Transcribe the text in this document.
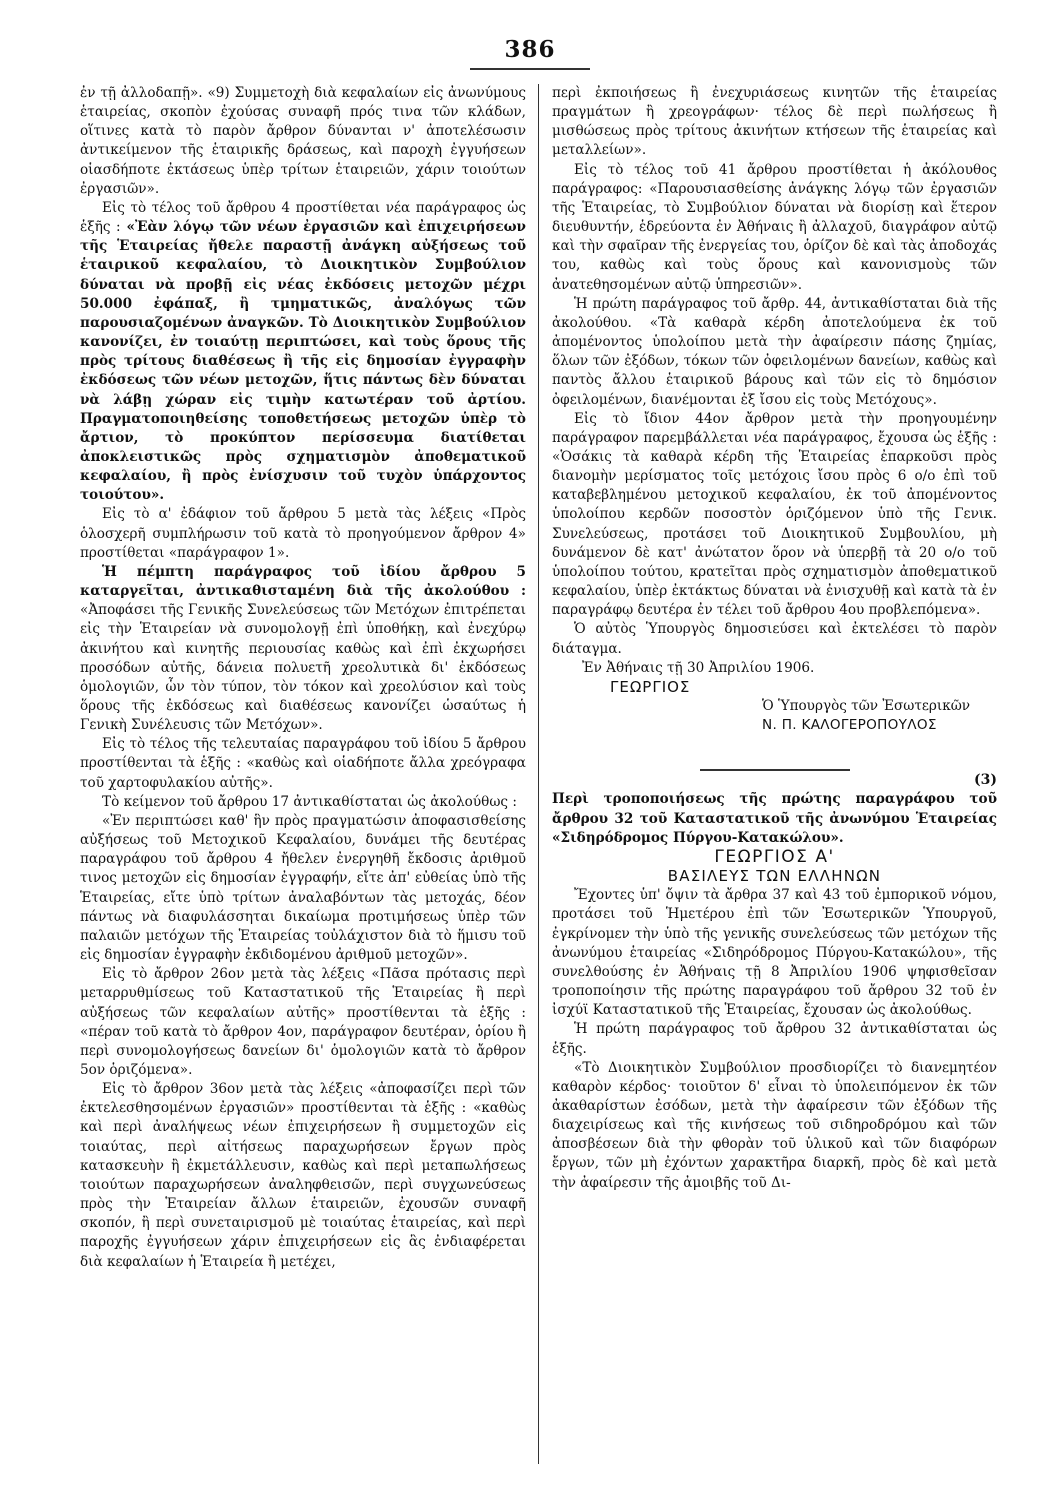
386

ἐν τῇ ἀλλοδαπῇ». «9) Συμμετοχὴ διὰ κεφαλαίων εἰς ἀνωνύμους ἑταιρείας, σκοπὸν ἐχούσας συναφῆ πρός τινα τῶν κλάδων, οἵτινες κατὰ τὸ παρὸν ἄρθρον δύνανται ν' ἀποτελέσωσιν ἀντικείμενον τῆς ἑταιρικῆς δράσεως, καὶ παροχὴ ἐγγυήσεων οἱασδήποτε ἐκτάσεως ὑπὲρ τρίτων ἑταιρειῶν, χάριν τοιούτων ἐργασιῶν».

Εἰς τὸ τέλος τοῦ ἄρθρου 4 προστίθεται νέα παράγραφος ὡς ἑξῆς : «Ἐὰν λόγῳ τῶν νέων ἐργασιῶν καὶ ἐπιχειρήσεων τῆς Ἑταιρείας ἤθελε παραστῇ ἀνάγκη αὐξήσεως τοῦ ἑταιρικοῦ κεφαλαίου, τὸ Διοικητικὸν Συμβούλιον δύναται νὰ προβῇ εἰς νέας ἐκδόσεις μετοχῶν μέχρι 50.000 ἐφάπαξ, ἢ τμηματικῶς, ἀναλόγως τῶν παρουσιαζομένων ἀναγκῶν. Τὸ Διοικητικὸν Συμβούλιον κανονίζει, ἐν τοιαύτῃ περιπτώσει, καὶ τοὺς ὅρους τῆς πρὸς τρίτους διαθέσεως ἢ τῆς εἰς δημοσίαν ἐγγραφὴν ἐκδόσεως τῶν νέων μετοχῶν, ἥτις πάντως δὲν δύναται νὰ λάβῃ χώραν εἰς τιμὴν κατωτέραν τοῦ ἀρτίου. Πραγματοποιηθείσης τοποθετήσεως μετοχῶν ὑπὲρ τὸ ἄρτιον, τὸ προκύπτον περίσσευμα διατίθεται ἀποκλειστικῶς πρὸς σχηματισμὸν ἀποθεματικοῦ κεφαλαίου, ἢ πρὸς ἐνίσχυσιν τοῦ τυχὸν ὑπάρχοντος τοιούτου».

Εἰς τὸ α' ἐδάφιον τοῦ ἄρθρου 5 μετὰ τὰς λέξεις «Πρὸς ὁλοσχερῆ συμπλήρωσιν τοῦ κατὰ τὸ προηγούμενον ἄρθρον 4» προστίθεται «παράγραφον 1».

Ἡ πέμπτη παράγραφος τοῦ ἰδίου ἄρθρου 5 καταργεῖται, ἀντικαθισταμένη διὰ τῆς ἀκολούθου : «Ἀποφάσει τῆς Γενικῆς Συνελεύσεως τῶν Μετόχων ἐπιτρέπεται εἰς τὴν Ἑταιρείαν νὰ συνομολογῇ ἐπὶ ὑποθήκῃ, καὶ ἐνεχύρῳ ἀκινήτου καὶ κινητῆς περιουσίας καθὼς καὶ ἐπὶ ἐκχωρήσει προσόδων αὐτῆς, δάνεια πολυετῆ χρεολυτικὰ δι' ἐκδόσεως ὁμολογιῶν, ὧν τὸν τύπον, τὸν τόκον καὶ χρεολύσιον καὶ τοὺς ὅρους τῆς ἐκδόσεως καὶ διαθέσεως κανονίζει ὡσαύτως ἡ Γενικὴ Συνέλευσις τῶν Μετόχων».

Εἰς τὸ τέλος τῆς τελευταίας παραγράφου τοῦ ἰδίου 5 ἄρθρου προστίθενται τὰ ἑξῆς : «καθὼς καὶ οἱαδήποτε ἄλλα χρεόγραφα τοῦ χαρτοφυλακίου αὐτῆς».

Τὸ κείμενον τοῦ ἄρθρου 17 ἀντικαθίσταται ὡς ἀκολούθως :

«Ἐν περιπτώσει καθ' ἣν πρὸς πραγματώσιν ἀποφασισθείσης αὐξήσεως τοῦ Μετοχικοῦ Κεφαλαίου, δυνάμει τῆς δευτέρας παραγράφου τοῦ ἄρθρου 4 ἤθελεν ἐνεργηθῆ ἔκδοσις ἀριθμοῦ τινος μετοχῶν εἰς δημοσίαν ἐγγραφήν, εἴτε ἀπ' εὐθείας ὑπὸ τῆς Ἑταιρείας, εἴτε ὑπὸ τρίτων ἀναλαβόντων τὰς μετοχάς, δέον πάντως νὰ διαφυλάσσηται δικαίωμα προτιμήσεως ὑπὲρ τῶν παλαιῶν μετόχων τῆς Ἑταιρείας τοὐλάχιστον διὰ τὸ ἥμισυ τοῦ εἰς δημοσίαν ἐγγραφὴν ἐκδιδομένου ἀριθμοῦ μετοχῶν».

Εἰς τὸ ἄρθρον 26ον μετὰ τὰς λέξεις «Πᾶσα πρότασις περὶ μεταρρυθμίσεως τοῦ Καταστατικοῦ τῆς Ἑταιρείας ἢ περὶ αὐξήσεως τῶν κεφαλαίων αὐτῆς» προστίθενται τὰ ἑξῆς : «πέραν τοῦ κατὰ τὸ ἄρθρον 4ον, παράγραφον δευτέραν, ὁρίου ἢ περὶ συνομολογήσεως δανείων δι' ὁμολογιῶν κατὰ τὸ ἄρθρον 5ον ὁριζόμενα».

Εἰς τὸ ἄρθρον 36ον μετὰ τὰς λέξεις «ἀποφασίζει περὶ τῶν ἐκτελεσθησομένων ἐργασιῶν» προστίθενται τὰ ἑξῆς : «καθὼς καὶ περὶ ἀναλήψεως νέων ἐπιχειρήσεων ἢ συμμετοχῶν εἰς τοιαύτας, περὶ αἰτήσεως παραχωρήσεων ἔργων πρὸς κατασκευὴν ἢ ἐκμετάλλευσιν, καθὼς καὶ περὶ μεταπωλήσεως τοιούτων παραχωρήσεων ἀναληφθεισῶν, περὶ συγχωνεύσεως πρὸς τὴν Ἑταιρείαν ἄλλων ἑταιρειῶν, ἐχουσῶν συναφῆ σκοπόν, ἢ περὶ συνεταιρισμοῦ μὲ τοιαύτας ἑταιρείας, καὶ περὶ παροχῆς ἐγγυήσεων χάριν ἐπιχειρήσεων εἰς ἃς ἐνδιαφέρεται διὰ κεφαλαίων ἡ Ἑταιρεία ἢ μετέχει,

περὶ ἐκποιήσεως ἢ ἐνεχυριάσεως κινητῶν τῆς ἑταιρείας πραγμάτων ἢ χρεογράφων· τέλος δὲ περὶ πωλήσεως ἢ μισθώσεως πρὸς τρίτους ἀκινήτων κτήσεων τῆς ἑταιρείας καὶ μεταλλείων».

Εἰς τὸ τέλος τοῦ 41 ἄρθρου προστίθεται ἡ ἀκόλουθος παράγραφος: «Παρουσιασθείσης ἀνάγκης λόγῳ τῶν ἐργασιῶν τῆς Ἑταιρείας, τὸ Συμβούλιον δύναται νὰ διορίσῃ καὶ ἕτερον διευθυντήν, ἑδρεύοντα ἐν Ἀθήναις ἢ ἀλλαχοῦ, διαγράφον αὐτῷ καὶ τὴν σφαῖραν τῆς ἐνεργείας του, ὁρίζον δὲ καὶ τὰς ἀποδοχάς του, καθὼς καὶ τοὺς ὅρους καὶ κανονισμοὺς τῶν ἀνατεθησομένων αὐτῷ ὑπηρεσιῶν».

Ἡ πρώτη παράγραφος τοῦ ἄρθρ. 44, ἀντικαθίσταται διὰ τῆς ἀκολούθου. «Τὰ καθαρὰ κέρδη ἀποτελούμενα ἐκ τοῦ ἀπομένοντος ὑπολοίπου μετὰ τὴν ἀφαίρεσιν πάσης ζημίας, ὅλων τῶν ἐξόδων, τόκων τῶν ὀφειλομένων δανείων, καθὼς καὶ παντὸς ἄλλου ἑταιρικοῦ βάρους καὶ τῶν εἰς τὸ δημόσιον ὀφειλομένων, διανέμονται ἐξ ἴσου εἰς τοὺς Μετόχους».

Εἰς τὸ ἴδιον 44ον ἄρθρον μετὰ τὴν προηγουμένην παράγραφον παρεμβάλλεται νέα παράγραφος, ἔχουσα ὡς ἑξῆς : «Ὁσάκις τὰ καθαρὰ κέρδη τῆς Ἑταιρείας ἐπαρκοῦσι πρὸς διανομὴν μερίσματος τοῖς μετόχοις ἴσου πρὸς 6 ο/ο ἐπὶ τοῦ καταβεβλημένου μετοχικοῦ κεφαλαίου, ἐκ τοῦ ἀπομένοντος ὑπολοίπου κερδῶν ποσοστὸν ὁριζόμενον ὑπὸ τῆς Γενικ. Συνελεύσεως, προτάσει τοῦ Διοικητικοῦ Συμβουλίου, μὴ δυνάμενον δὲ κατ' ἀνώτατον ὅρον νὰ ὑπερβῇ τὰ 20 ο/ο τοῦ ὑπολοίπου τούτου, κρατεῖται πρὸς σχηματισμὸν ἀποθεματικοῦ κεφαλαίου, ὑπὲρ ἐκτάκτως δύναται νὰ ἐνισχυθῇ καὶ κατὰ τὰ ἐν παραγράφῳ δευτέρα ἐν τέλει τοῦ ἄρθρου 4ου προβλεπόμενα».

Ὁ αὐτὸς Ὑπουργὸς δημοσιεύσει καὶ ἐκτελέσει τὸ παρὸν διάταγμα.

Ἐν Ἀθήναις τῇ 30 Ἀπριλίου 1906.

ΓΕΩΡΓΙΟΣ

Ὁ Ὑπουργὸς τῶν Ἐσωτερικῶν

Ν. Π. ΚΑΛΟΓΕΡΟΠΟΥΛΟΣ

(3)

Περὶ τροποποιήσεως τῆς πρώτης παραγράφου τοῦ ἄρθρου 32 τοῦ Καταστατικοῦ τῆς ἀνωνύμου Ἑταιρείας «Σιδηρόδρομος Πύργου-Κατακώλου».

ΓΕΩΡΓΙΟΣ Α'

ΒΑΣΙΛΕΥΣ ΤΩΝ ΕΛΛΗΝΩΝ

Ἔχοντες ὑπ' ὄψιν τὰ ἄρθρα 37 καὶ 43 τοῦ ἐμπορικοῦ νόμου, προτάσει τοῦ Ἡμετέρου ἐπὶ τῶν Ἐσωτερικῶν Ὑπουργοῦ, ἐγκρίνομεν τὴν ὑπὸ τῆς γενικῆς συνελεύσεως τῶν μετόχων τῆς ἀνωνύμου ἑταιρείας «Σιδηρόδρομος Πύργου-Κατακώλου», τῆς συνελθούσης ἐν Ἀθήναις τῇ 8 Ἀπριλίου 1906 ψηφισθεῖσαν τροποποίησιν τῆς πρώτης παραγράφου τοῦ ἄρθρου 32 τοῦ ἐν ἰσχύϊ Καταστατικοῦ τῆς Ἑταιρείας, ἔχουσαν ὡς ἀκολούθως.

Ἡ πρώτη παράγραφος τοῦ ἄρθρου 32 ἀντικαθίσταται ὡς ἑξῆς.

«Τὸ Διοικητικὸν Συμβούλιον προσδιορίζει τὸ διανεμητέον καθαρὸν κέρδος· τοιοῦτον δ' εἶναι τὸ ὑπολειπόμενον ἐκ τῶν ἀκαθαρίστων ἐσόδων, μετὰ τὴν ἀφαίρεσιν τῶν ἐξόδων τῆς διαχειρίσεως καὶ τῆς κινήσεως τοῦ σιδηροδρόμου καὶ τῶν ἀποσβέσεων διὰ τὴν φθορὰν τοῦ ὑλικοῦ καὶ τῶν διαφόρων ἔργων, τῶν μὴ ἐχόντων χαρακτῆρα διαρκῆ, πρὸς δὲ καὶ μετὰ τὴν ἀφαίρεσιν τῆς ἀμοιβῆς τοῦ Δι-
